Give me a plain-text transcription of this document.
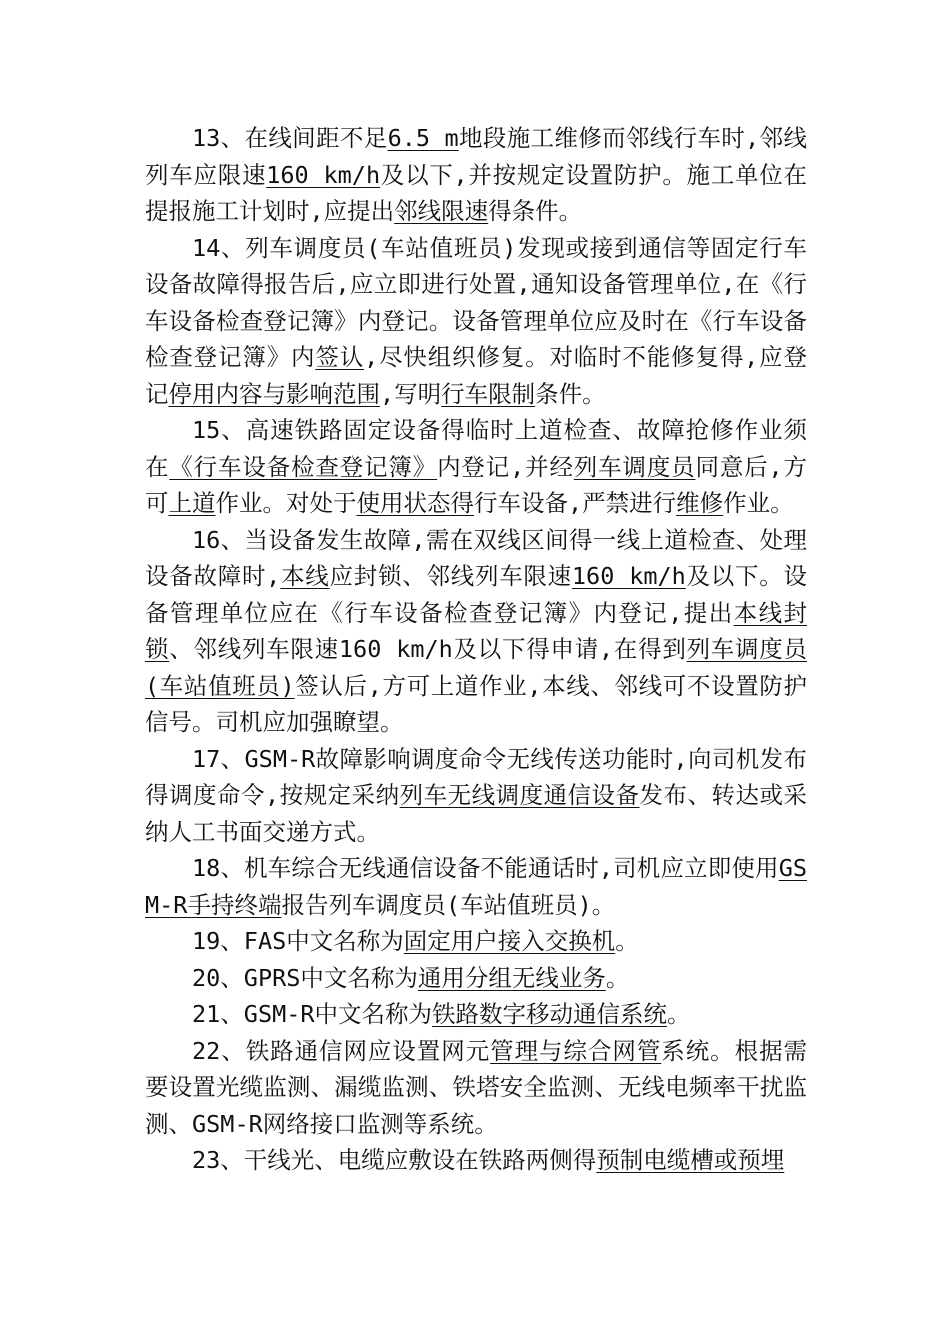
13、在线间距不足6.5 m地段施工维修而邻线行车时,邻线列车应限速160 km/h及以下,并按规定设置防护。施工单位在提报施工计划时,应提出邻线限速得条件。

14、列车调度员(车站值班员)发现或接到通信等固定行车设备故障得报告后,应立即进行处置,通知设备管理单位,在《行车设备检查登记簿》内登记。设备管理单位应及时在《行车设备检查登记簿》内签认,尽快组织修复。对临时不能修复得,应登记停用内容与影响范围,写明行车限制条件。

15、高速铁路固定设备得临时上道检查、故障抢修作业须在《行车设备检查登记簿》内登记,并经列车调度员同意后,方可上道作业。对处于使用状态得行车设备,严禁进行维修作业。

16、当设备发生故障,需在双线区间得一线上道检查、处理设备故障时,本线应封锁、邻线列车限速160 km/h及以下。设备管理单位应在《行车设备检查登记簿》内登记,提出本线封锁、邻线列车限速160 km/h及以下得申请,在得到列车调度员(车站值班员)签认后,方可上道作业,本线、邻线可不设置防护信号。司机应加强瞭望。

17、GSM-R故障影响调度命令无线传送功能时,向司机发布得调度命令,按规定采纳列车无线调度通信设备发布、转达或采纳人工书面交递方式。

18、机车综合无线通信设备不能通话时,司机应立即使用GSM-R手持终端报告列车调度员(车站值班员)。

19、FAS中文名称为固定用户接入交换机。

20、GPRS中文名称为通用分组无线业务。

21、GSM-R中文名称为铁路数字移动通信系统。

22、铁路通信网应设置网元管理与综合网管系统。根据需要设置光缆监测、漏缆监测、铁塔安全监测、无线电频率干扰监测、GSM-R网络接口监测等系统。

23、干线光、电缆应敷设在铁路两侧得预制电缆槽或预埋
